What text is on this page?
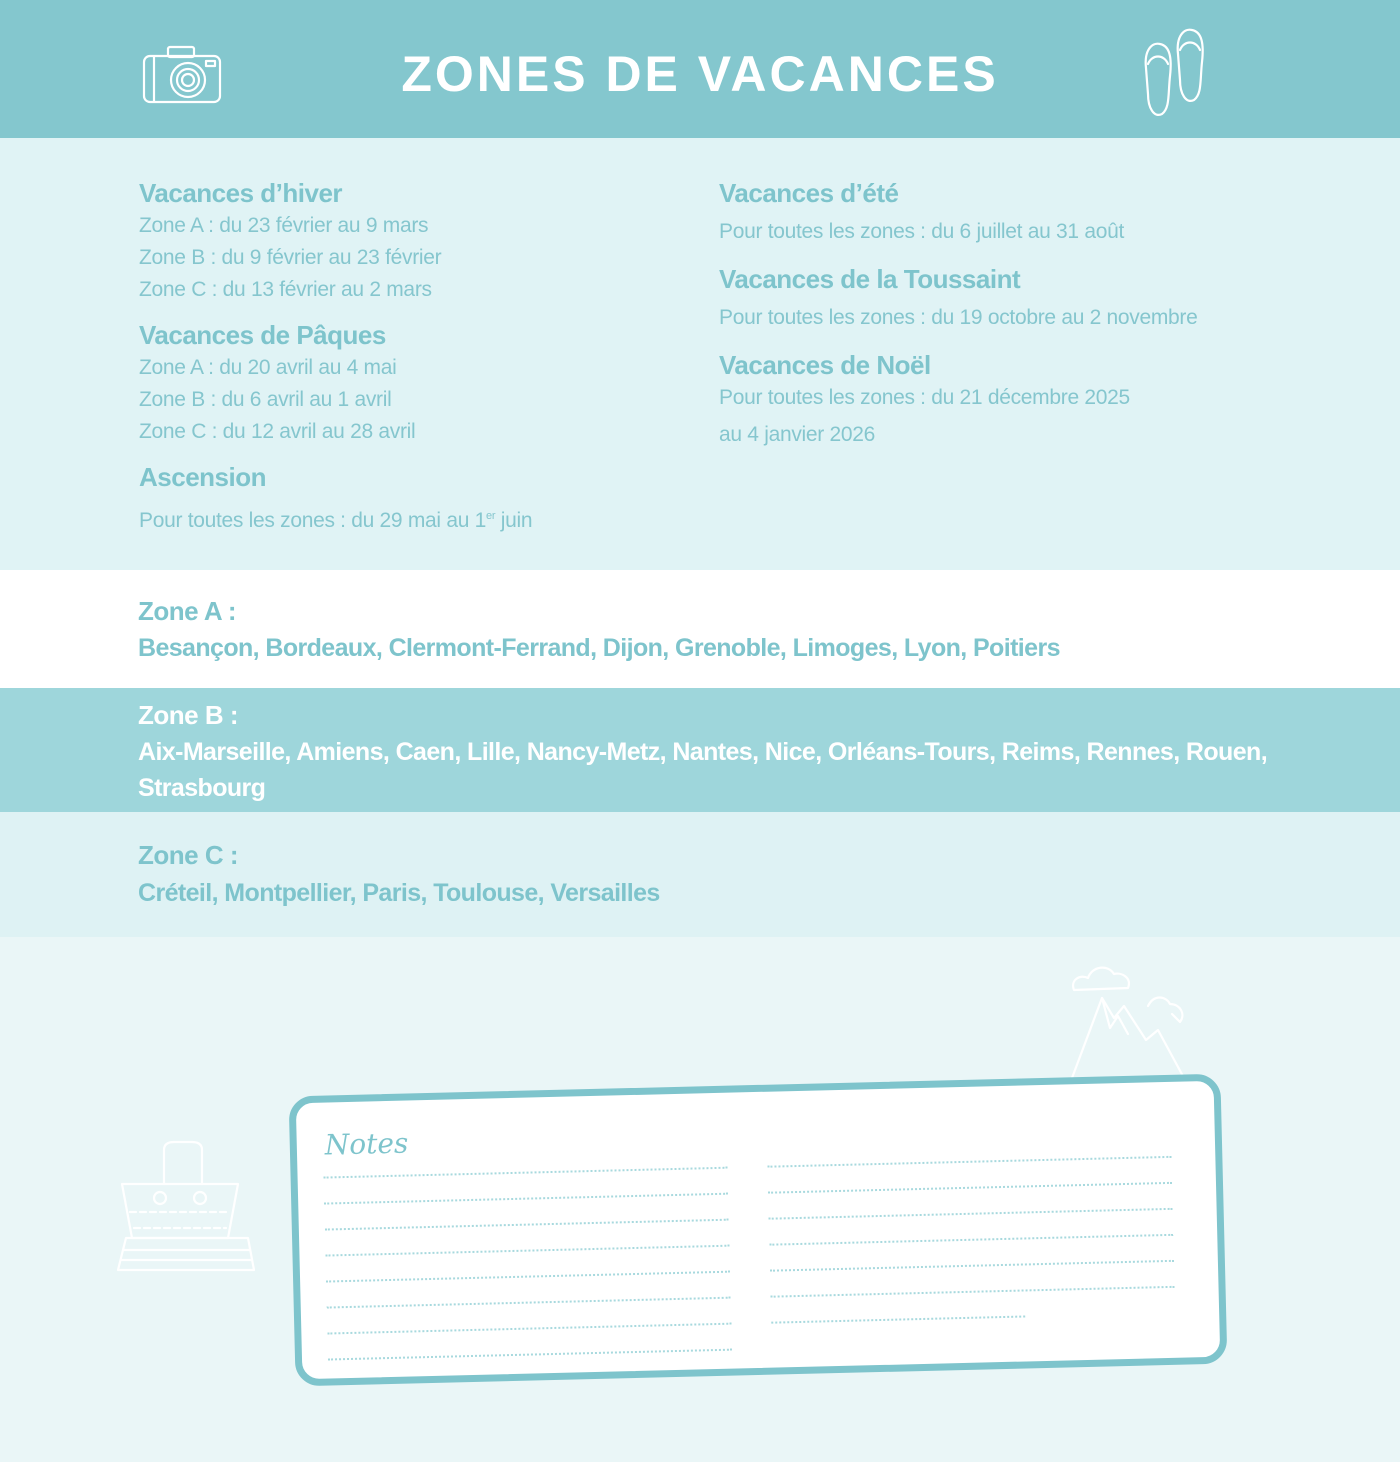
ZONES DE VACANCES
Vacances d’hiver
Zone A : du 23 février au 9 mars
Zone B : du 9 février au 23 février
Zone C : du 13 février au 2 mars
Vacances de Pâques
Zone A : du 20 avril au 4 mai
Zone B : du 6 avril au 1 avril
Zone C : du 12 avril au 28 avril
Ascension
Pour toutes les zones : du 29 mai au 1er juin
Vacances d’été
Pour toutes les zones : du 6 juillet au 31 août
Vacances de la Toussaint
Pour toutes les zones : du 19 octobre au 2 novembre
Vacances de Noël
Pour toutes les zones : du 21 décembre 2025
au 4 janvier 2026
Zone A :
Besançon, Bordeaux, Clermont-Ferrand, Dijon, Grenoble, Limoges, Lyon, Poitiers
Zone B :
Aix-Marseille, Amiens, Caen, Lille, Nancy-Metz, Nantes, Nice, Orléans-Tours, Reims, Rennes, Rouen,
Strasbourg
Zone C :
Créteil, Montpellier, Paris, Toulouse, Versailles
Notes
